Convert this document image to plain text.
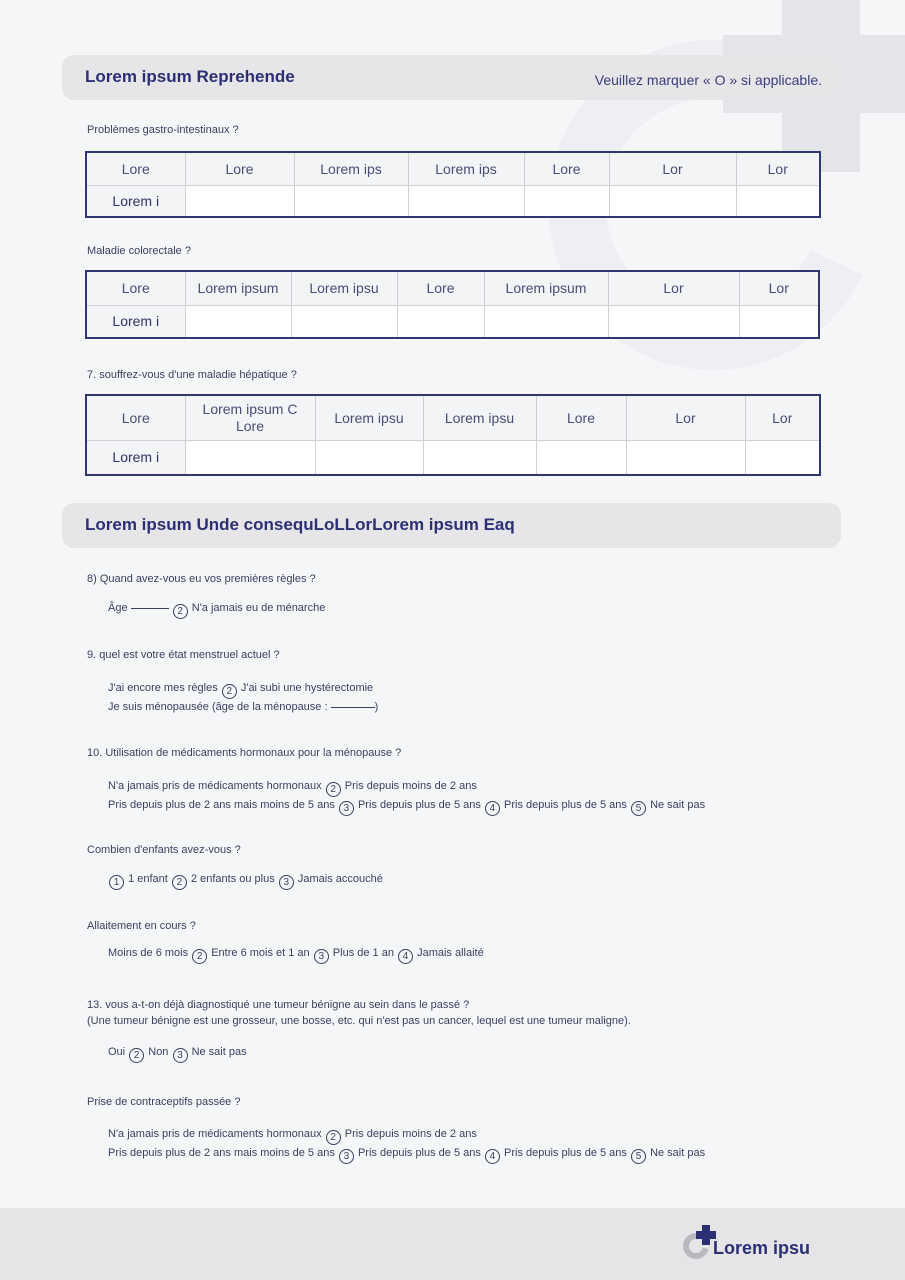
Lorem ipsum Reprehende	Veuillez marquer « O » si applicable.
Problèmes gastro-intestinaux ?
Lore	Lore	Lorem ips	Lorem ips	Lore	Lor	Lor
Lorem i						
Maladie colorectale ?
Lore	Lorem ipsum	Lorem ipsu	Lore	Lorem ipsum	Lor	Lor
Lorem i						
7. souffrez-vous d'une maladie hépatique ?
Lore	Lorem ipsum C Lore	Lorem ipsu	Lorem ipsu	Lore	Lor	Lor
Lorem i						
Lorem ipsum Unde consequLoLLorLorem ipsum Eaq
8) Quand avez-vous eu vos premières règles ?
Âge	2 N'a jamais eu de ménarche
9. quel est votre état menstruel actuel ?
J'ai encore mes règles 2 J'ai subi une hystérectomie
Je suis ménopausée (âge de la ménopause :	)
10. Utilisation de médicaments hormonaux pour la ménopause ?
N'a jamais pris de médicaments hormonaux 2 Pris depuis moins de 2 ans
Pris depuis plus de 2 ans mais moins de 5 ans 3 Pris depuis plus de 5 ans 4 Pris depuis plus de 5 ans 5 Ne sait pas
Combien d'enfants avez-vous ?
1 1 enfant 2 2 enfants ou plus 3 Jamais accouché
Allaitement en cours ?
Moins de 6 mois 2 Entre 6 mois et 1 an 3 Plus de 1 an 4 Jamais allaité
13. vous a-t-on déjà diagnostiqué une tumeur bénigne au sein dans le passé ?
(Une tumeur bénigne est une grosseur, une bosse, etc. qui n'est pas un cancer, lequel est une tumeur maligne).
Oui 2 Non 3 Ne sait pas
Prise de contraceptifs passée ?
N'a jamais pris de médicaments hormonaux 2 Pris depuis moins de 2 ans
Pris depuis plus de 2 ans mais moins de 5 ans 3 Pris depuis plus de 5 ans 4 Pris depuis plus de 5 ans 5 Ne sait pas
Lorem ipsu
